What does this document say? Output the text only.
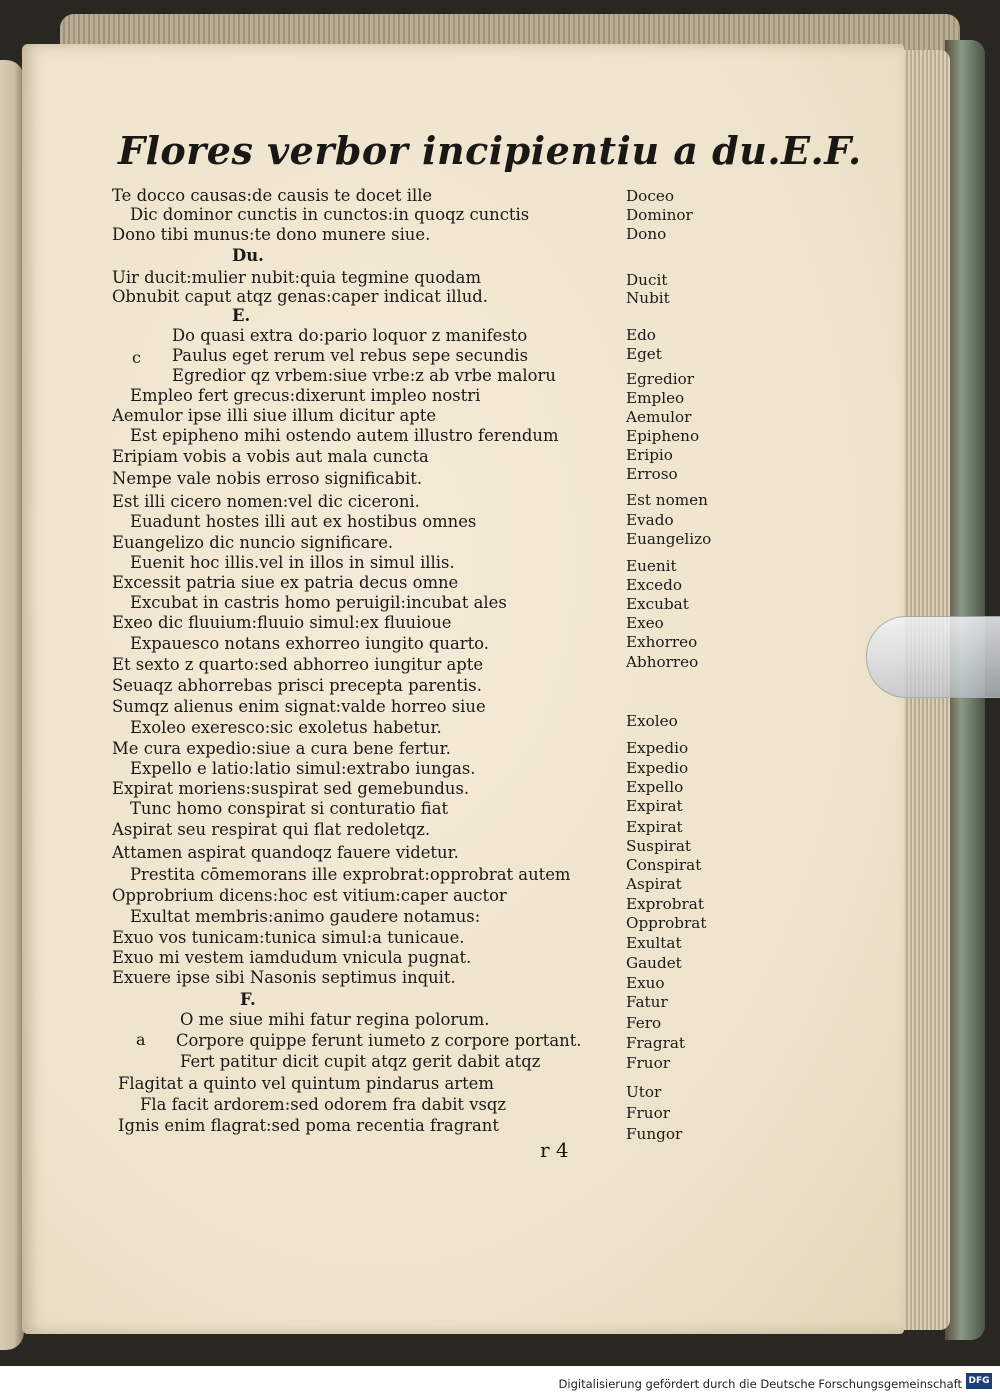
Flores verbor incipientiu a du.E.F.
Te docco causas:de causis te docet ille
Dic dominor cunctis in cunctos:in quoqz cunctis
Dono tibi munus:te dono munere siue.
Du.
Uir ducit:mulier nubit:quia tegmine quodam
Obnubit caput atqz genas:caper indicat illud.
E.
Do quasi extra do:pario loquor z manifesto
Paulus eget rerum vel rebus sepe secundis
Egredior qz vrbem:siue vrbe:z ab vrbe maloru
Empleo fert grecus:dixerunt impleo nostri
Aemulor ipse illi siue illum dicitur apte
Est epipheno mihi ostendo autem illustro ferendum
Eripiam vobis a vobis aut mala cuncta
Nempe vale nobis erroso significabit.
Est illi cicero nomen:vel dic ciceroni.
Euadunt hostes illi aut ex hostibus omnes
Euangelizo dic nuncio significare.
Euenit hoc illis.vel in illos in simul illis.
Excessit patria siue ex patria decus omne
Excubat in castris homo peruigil:incubat ales
Exeo dic fluuium:fluuio simul:ex fluuioue
Expauesco notans exhorreo iungito quarto.
Et sexto z quarto:sed abhorreo iungitur apte
Seuaqz abhorrebas prisci precepta parentis.
Sumqz alienus enim signat:valde horreo siue
Exoleo exeresco:sic exoletus habetur.
Me cura expedio:siue a cura bene fertur.
Expello e latio:latio simul:extrabo iungas.
Expirat moriens:suspirat sed gemebundus.
Tunc homo conspirat si conturatio fiat
Aspirat seu respirat qui flat redoletqz.
Attamen aspirat quandoqz fauere videtur.
Prestita cōmemorans ille exprobrat:opprobrat autem
Opprobrium dicens:hoc est vitium:caper auctor
Exultat membris:animo gaudere notamus:
Exuo vos tunicam:tunica simul:a tunicaue.
Exuo mi vestem iamdudum vnicula pugnat.
Exuere ipse sibi Nasonis septimus inquit.
F.
O me siue mihi fatur regina polorum.
Corpore quippe ferunt iumeto z corpore portant.
Fert patitur dicit cupit atqz gerit dabit atqz
Flagitat a quinto vel quintum pindarus artem
Fla facit ardorem:sed odorem fra dabit vsqz
Ignis enim flagrat:sed poma recentia fragrant
c
a
Doceo
Dominor
Dono
Ducit
Nubit
Edo
Eget
Egredior
Empleo
Aemulor
Epipheno
Eripio
Erroso
Est nomen
Evado
Euangelizo
Euenit
Excedo
Excubat
Exeo
Exhorreo
Abhorreo
Exoleo
Expedio
Expedio
Expello
Expirat
Expirat
Suspirat
Conspirat
Aspirat
Exprobrat
Opprobrat
Exultat
Gaudet
Exuo
Fatur
Fero
Fragrat
Fruor
Utor
Fruor
Fungor
r 4
Digitalisierung gefördert durch die Deutsche Forschungsgemeinschaft DFG
